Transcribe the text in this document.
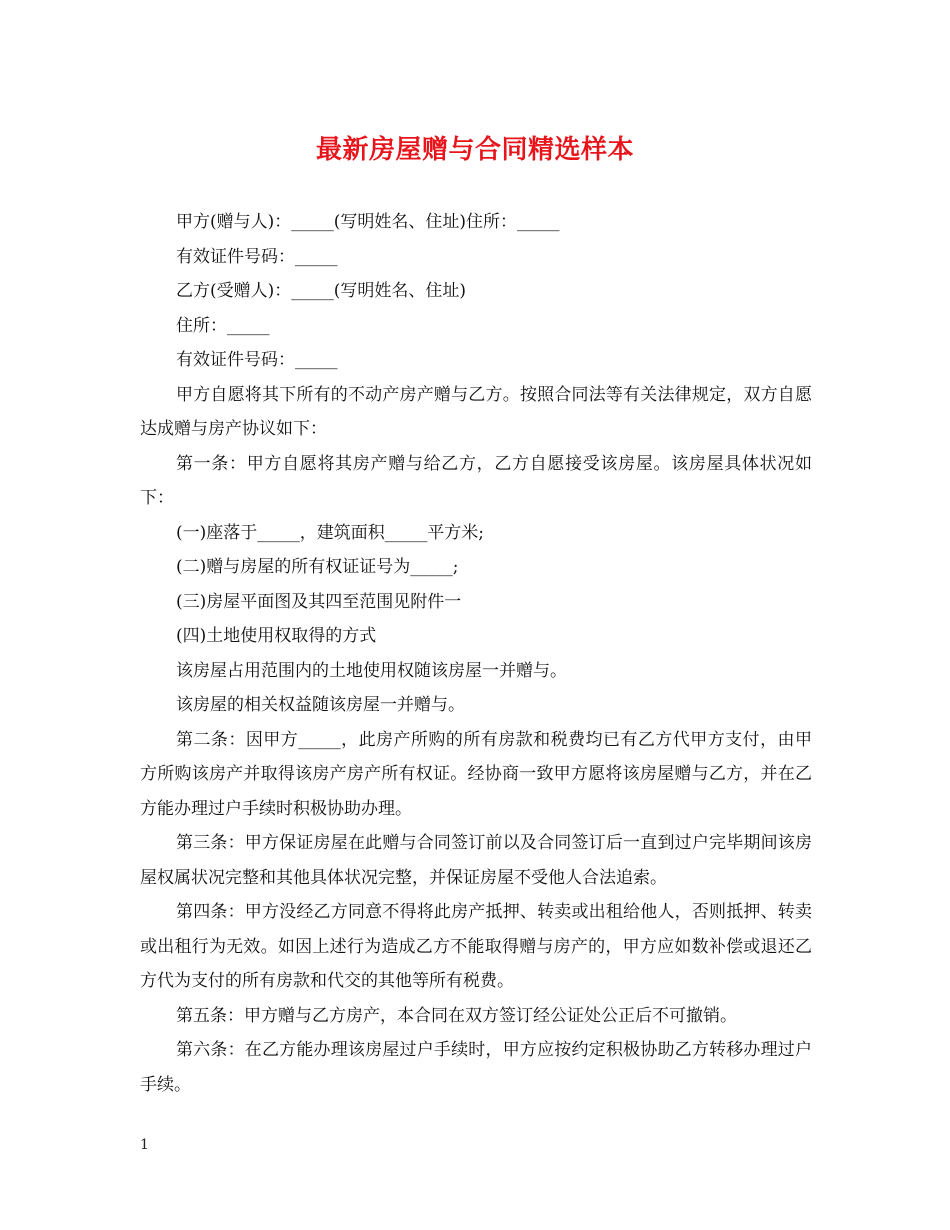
最新房屋赠与合同精选样本

甲方(赠与人)：_____(写明姓名、住址)住所：_____

有效证件号码：_____

乙方(受赠人)：_____(写明姓名、住址)

住所：_____

有效证件号码：_____

甲方自愿将其下所有的不动产房产赠与乙方。按照合同法等有关法律规定，双方自愿达成赠与房产协议如下：

第一条：甲方自愿将其房产赠与给乙方，乙方自愿接受该房屋。该房屋具体状况如下：

(一)座落于_____，建筑面积_____平方米;

(二)赠与房屋的所有权证证号为_____;

(三)房屋平面图及其四至范围见附件一

(四)土地使用权取得的方式

该房屋占用范围内的土地使用权随该房屋一并赠与。

该房屋的相关权益随该房屋一并赠与。

第二条：因甲方_____，此房产所购的所有房款和税费均已有乙方代甲方支付，由甲方所购该房产并取得该房产房产所有权证。经协商一致甲方愿将该房屋赠与乙方，并在乙方能办理过户手续时积极协助办理。

第三条：甲方保证房屋在此赠与合同签订前以及合同签订后一直到过户完毕期间该房屋权属状况完整和其他具体状况完整，并保证房屋不受他人合法追索。

第四条：甲方没经乙方同意不得将此房产抵押、转卖或出租给他人，否则抵押、转卖或出租行为无效。如因上述行为造成乙方不能取得赠与房产的，甲方应如数补偿或退还乙方代为支付的所有房款和代交的其他等所有税费。

第五条：甲方赠与乙方房产，本合同在双方签订经公证处公正后不可撤销。

第六条：在乙方能办理该房屋过户手续时，甲方应按约定积极协助乙方转移办理过户手续。

1
